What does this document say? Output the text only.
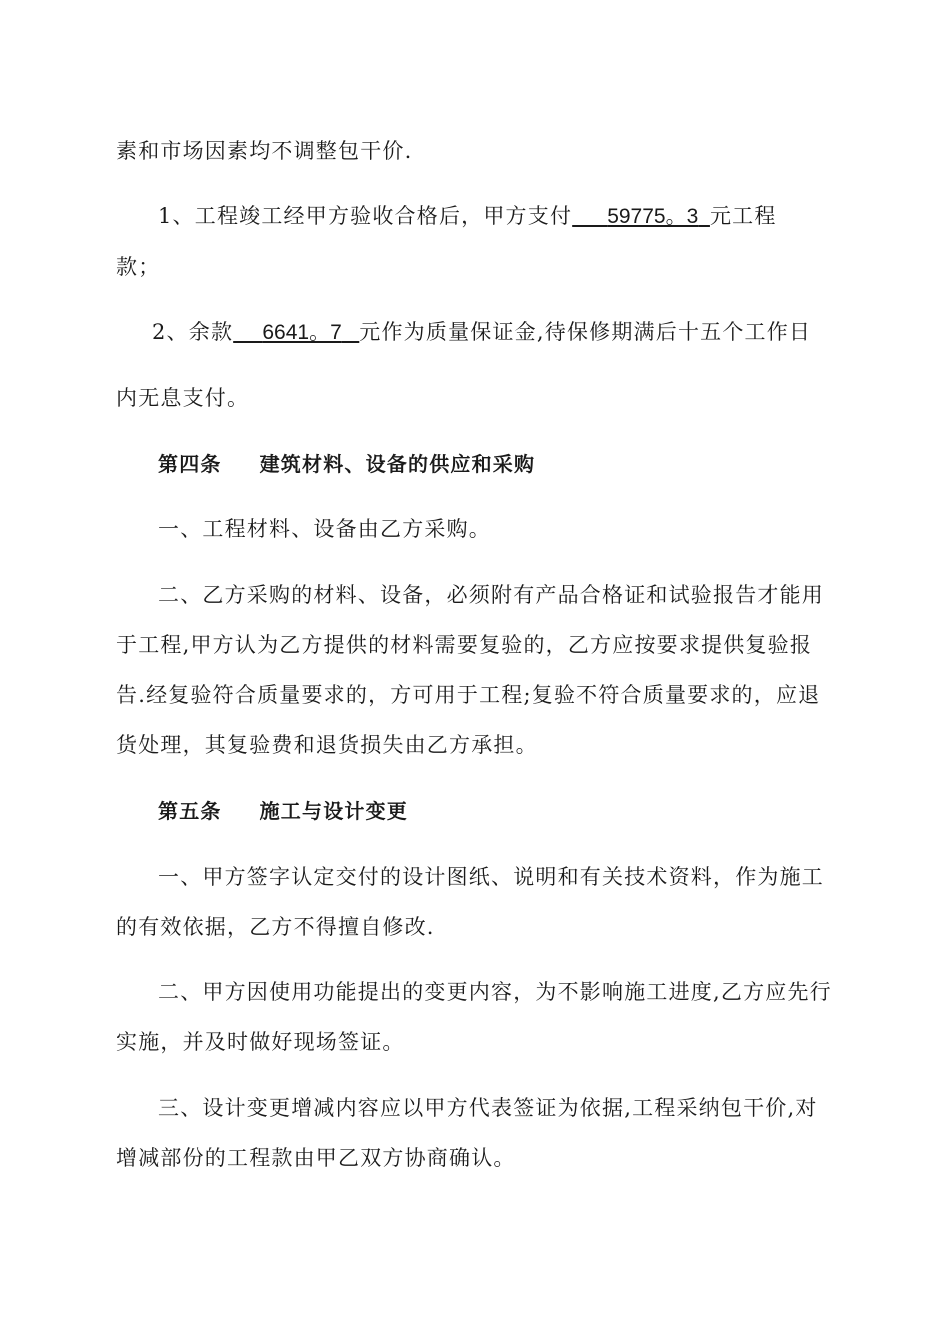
素和市场因素均不调整包干价.
1、工程竣工经甲方验收合格后，甲方支付 59775。3 元工程
款；
2、余款 6641。7 元作为质量保证金,待保修期满后十五个工作日
内无息支付。
第四条 建筑材料、设备的供应和采购
一、工程材料、设备由乙方采购。
二、乙方采购的材料、设备，必须附有产品合格证和试验报告才能用
于工程,甲方认为乙方提供的材料需要复验的，乙方应按要求提供复验报
告.经复验符合质量要求的，方可用于工程;复验不符合质量要求的，应退
货处理，其复验费和退货损失由乙方承担。
第五条 施工与设计变更
一、甲方签字认定交付的设计图纸、说明和有关技术资料，作为施工
的有效依据，乙方不得擅自修改.
二、甲方因使用功能提出的变更内容，为不影响施工进度,乙方应先行
实施，并及时做好现场签证。
三、设计变更增减内容应以甲方代表签证为依据,工程采纳包干价,对
增减部份的工程款由甲乙双方协商确认。
